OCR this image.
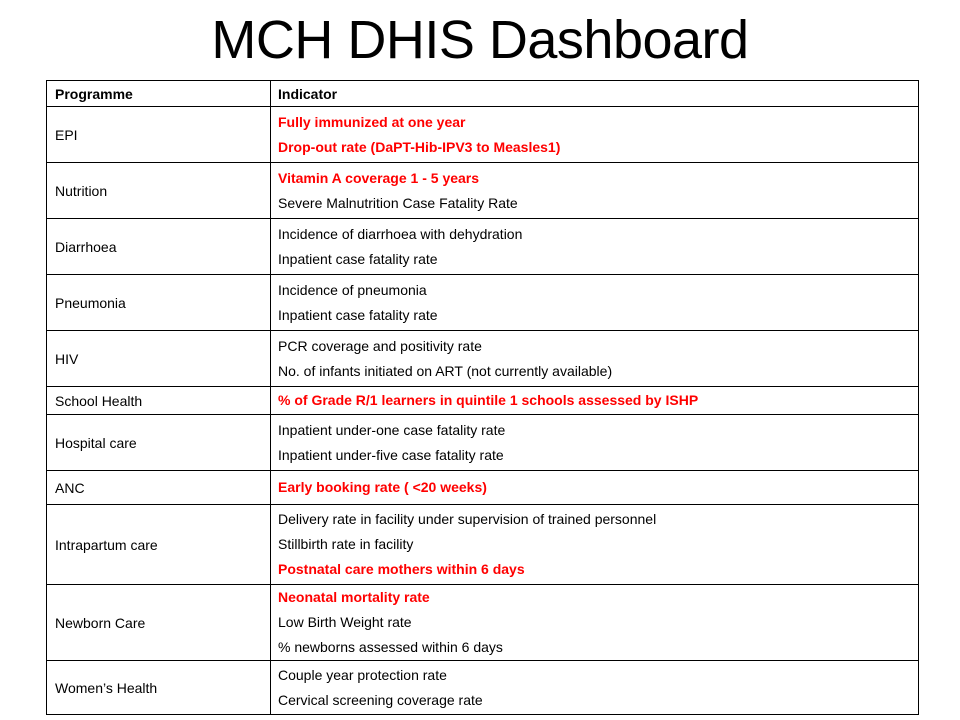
MCH DHIS Dashboard
Programme	Indicator
EPI	Fully immunized at one year
Drop-out rate (DaPT-Hib-IPV3 to Measles1)

Nutrition	Vitamin A coverage 1 - 5 years
Severe Malnutrition Case Fatality Rate

Diarrhoea	Incidence of diarrhoea with dehydration
Inpatient case fatality rate

Pneumonia	Incidence of pneumonia
Inpatient case fatality rate

HIV	PCR coverage and positivity rate
No. of infants initiated on ART (not currently available)

School Health	% of Grade R/1 learners in quintile 1 schools assessed by ISHP

Hospital care	Inpatient under-one case fatality rate
Inpatient under-five case fatality rate

ANC	Early booking rate ( <20 weeks)

Intrapartum care	Delivery rate in facility under supervision of trained personnel
Stillbirth rate in facility
Postnatal care mothers within 6 days

Newborn Care	Neonatal mortality rate
Low Birth Weight rate
% newborns assessed within 6 days

Women’s Health	Couple year protection rate
Cervical screening coverage rate
